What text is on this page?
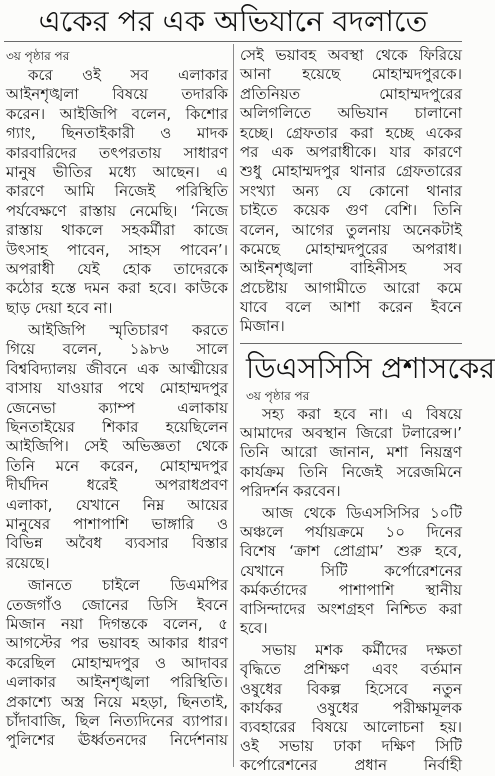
একের পর এক অভিযানে বদলাতে
৩য় পৃষ্ঠার পর
করে ওই সব এলাকার
আইনশৃঙ্খলা বিষয়ে তদারকি
করেন। আইজিপি বলেন, কিশোর
গ্যাং, ছিনতাইকারী ও মাদক
কারবারিদের তৎপরতায় সাধারণ
মানুষ ভীতির মধ্যে আছেন। এ
কারণে আমি নিজেই পরিস্থিতি
পর্যবেক্ষণে রাস্তায় নেমেছি। ‘নিজে
রাস্তায় থাকলে সহকর্মীরা কাজে
উৎসাহ পাবেন, সাহস পাবেন’।
অপরাধী যেই হোক তাদেরকে
কঠোর হস্তে দমন করা হবে। কাউকে
ছাড় দেয়া হবে না।
আইজিপি স্মৃতিচারণ করতে
গিয়ে বলেন, ১৯৮৬ সালে
বিশ্ববিদ্যালয় জীবনে এক আত্মীয়ের
বাসায় যাওয়ার পথে মোহাম্মদপুর
জেনেভা ক্যাম্প এলাকায়
ছিনতাইয়ের শিকার হয়েছিলেন
আইজিপি। সেই অভিজ্ঞতা থেকে
তিনি মনে করেন, মোহাম্মদপুর
দীর্ঘদিন ধরেই অপরাধপ্রবণ
এলাকা, যেখানে নিম্ন আয়ের
মানুষের পাশাপাশি ভাঙ্গারি ও
বিভিন্ন অবৈধ ব্যবসার বিস্তার
রয়েছে।
জানতে চাইলে ডিএমপির
তেজগাঁও জোনের ডিসি ইবনে
মিজান নয়া দিগন্তকে বলেন, ৫
আগস্টের পর ভয়াবহ আকার ধারণ
করেছিল মোহাম্মদপুর ও আদাবর
এলাকার আইনশৃঙ্খলা পরিস্থিতি।
প্রকাশ্যে অস্ত্র নিয়ে মহড়া, ছিনতাই,
চাঁদাবাজি, ছিল নিত্যদিনের ব্যাপার।
পুলিশের ঊর্ধ্বতনদের নির্দেশনায়
সেই ভয়াবহ অবস্থা থেকে ফিরিয়ে
আনা হয়েছে মোহাম্মদপুরকে।
প্রতিনিয়ত মোহাম্মদপুরের
অলিগলিতে অভিযান চালানো
হচ্ছে। গ্রেফতার করা হচ্ছে একের
পর এক অপরাধীকে। যার কারণে
শুধু মোহাম্মদপুর থানার গ্রেফতারের
সংখ্যা অন্য যে কোনো থানার
চাইতে কয়েক গুণ বেশি। তিনি
বলেন, আগের তুলনায় অনেকটাই
কমেছে মোহাম্মদপুরের অপরাধ।
আইনশৃঙ্খলা বাহিনীসহ সব
প্রচেষ্টায় আগামীতে আরো কমে
যাবে বলে আশা করেন ইবনে
মিজান।
ডিএসসিসি প্রশাসকের
৩য় পৃষ্ঠার পর
সহ্য করা হবে না। এ বিষয়ে
আমাদের অবস্থান জিরো টলারেন্স।’
তিনি আরো জানান, মশা নিয়ন্ত্রণ
কার্যক্রম তিনি নিজেই সরেজমিনে
পরিদর্শন করবেন।
আজ থেকে ডিএসসিসির ১০টি
অঞ্চলে পর্যায়ক্রমে ১০ দিনের
বিশেষ ‘ক্রাশ প্রোগ্রাম’ শুরু হবে,
যেখানে সিটি কর্পোরেশনের
কর্মকর্তাদের পাশাপাশি স্থানীয়
বাসিন্দাদের অংশগ্রহণ নিশ্চিত করা
হবে।
সভায় মশক কর্মীদের দক্ষতা
বৃদ্ধিতে প্রশিক্ষণ এবং বর্তমান
ওষুধের বিকল্প হিসেবে নতুন
কার্যকর ওষুধের পরীক্ষামূলক
ব্যবহারের বিষয়ে আলোচনা হয়।
ওই সভায় ঢাকা দক্ষিণ সিটি
কর্পোরেশনের প্রধান নির্বাহী
